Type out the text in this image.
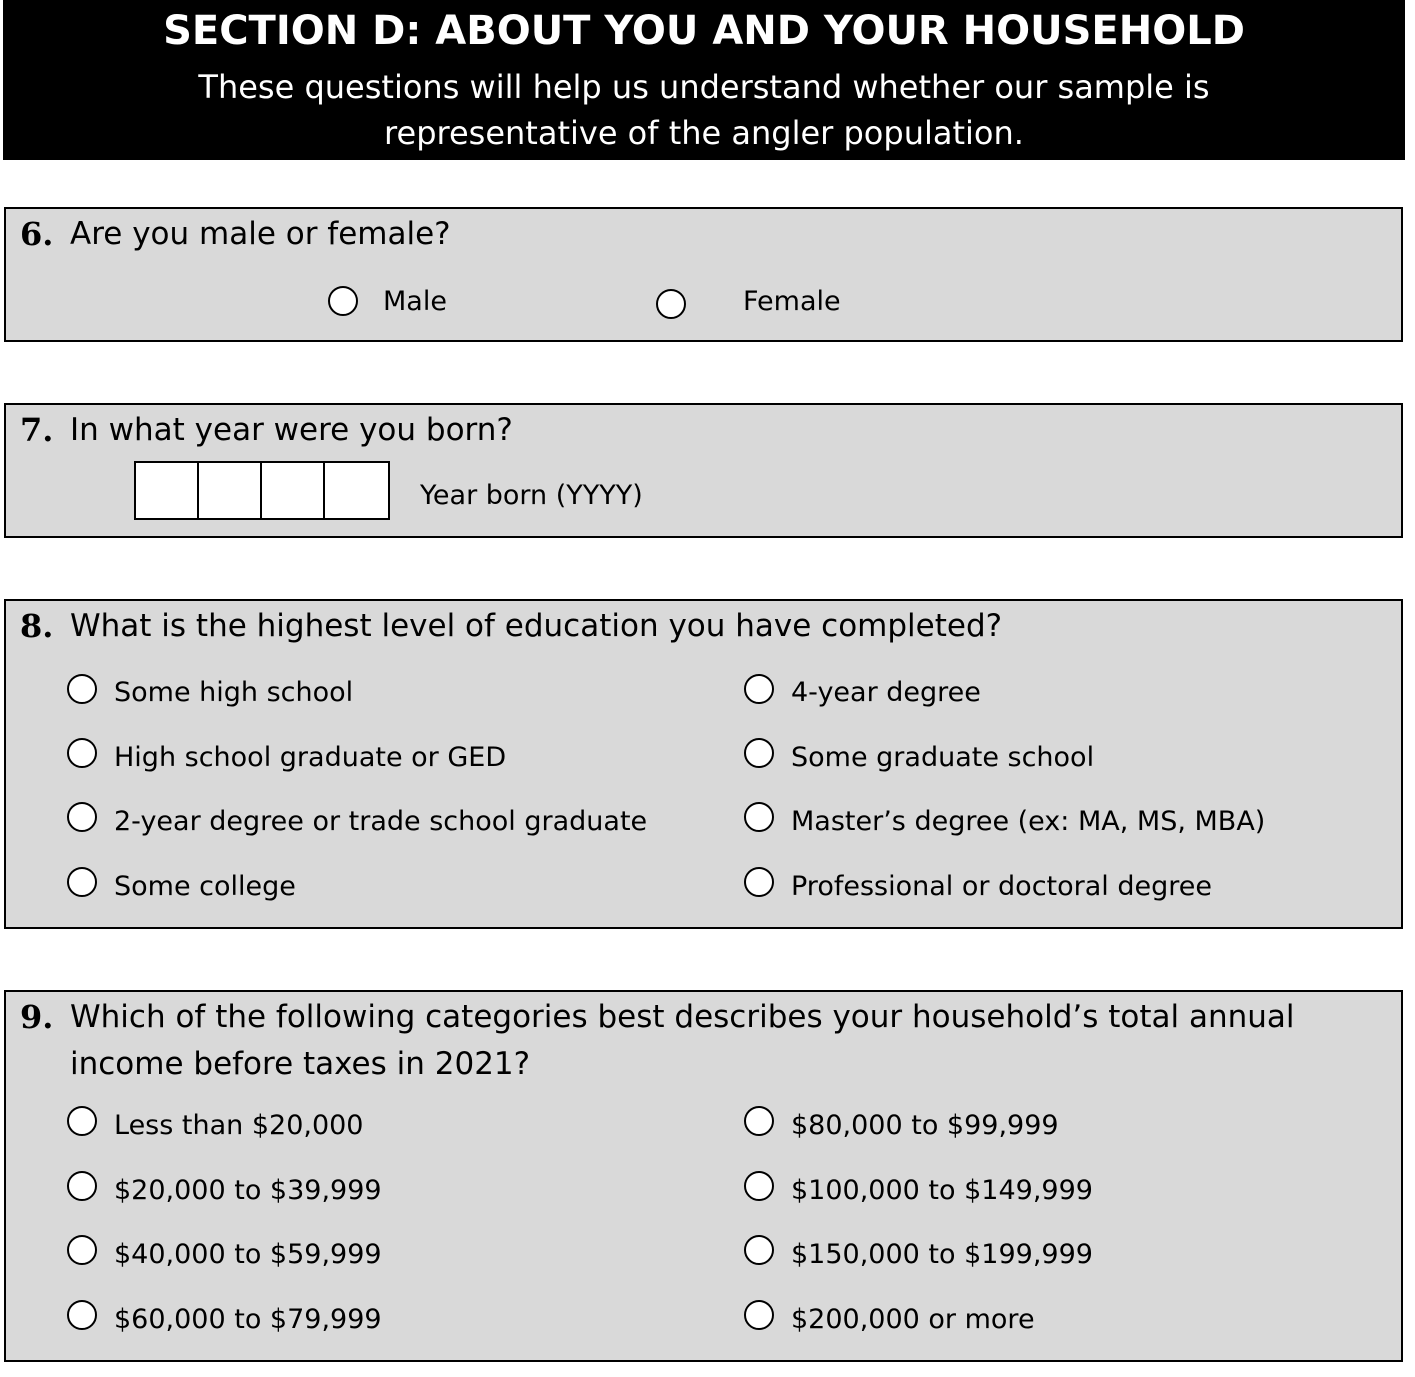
SECTION D: ABOUT YOU AND YOUR HOUSEHOLD
These questions will help us understand whether our sample is
representative of the angler population.
6. Are you male or female?
Male	Female
7. In what year were you born?
Year born (YYYY)
8. What is the highest level of education you have completed?
Some high school
High school graduate or GED
2-year degree or trade school graduate
Some college
4-year degree
Some graduate school
Master’s degree (ex: MA, MS, MBA)
Professional or doctoral degree
9. Which of the following categories best describes your household’s total annual
income before taxes in 2021?
Less than $20,000
$20,000 to $39,999
$40,000 to $59,999
$60,000 to $79,999
$80,000 to $99,999
$100,000 to $149,999
$150,000 to $199,999
$200,000 or more
